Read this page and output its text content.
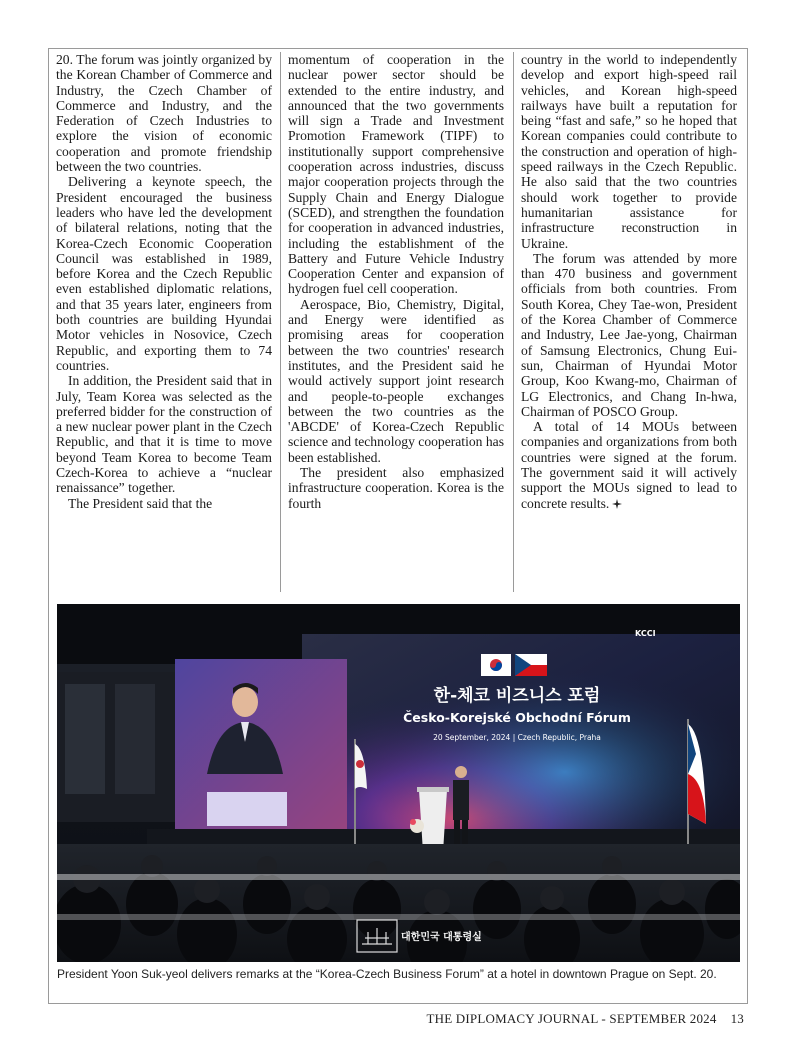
20. The forum was jointly organized by the Korean Chamber of Commerce and Industry, the Czech Chamber of Commerce and Industry, and the Federation of Czech Industries to explore the vision of economic cooperation and promote friendship between the two countries.

Delivering a keynote speech, the President encouraged the business leaders who have led the development of bilateral relations, noting that the Korea-Czech Economic Cooperation Council was established in 1989, before Korea and the Czech Republic even established diplomatic relations, and that 35 years later, engineers from both countries are building Hyundai Motor vehicles in Nosovice, Czech Republic, and exporting them to 74 countries.

In addition, the President said that in July, Team Korea was selected as the preferred bidder for the construction of a new nuclear power plant in the Czech Republic, and that it is time to move beyond Team Korea to become Team Czech-Korea to achieve a “nuclear renaissance” together.

The President said that the

momentum of cooperation in the nuclear power sector should be extended to the entire industry, and announced that the two governments will sign a Trade and Investment Promotion Framework (TIPF) to institutionally support comprehensive cooperation across industries, discuss major cooperation projects through the Supply Chain and Energy Dialogue (SCED), and strengthen the foundation for cooperation in advanced industries, including the establishment of the Battery and Future Vehicle Industry Cooperation Center and expansion of hydrogen fuel cell cooperation.

Aerospace, Bio, Chemistry, Digital, and Energy were identified as promising areas for cooperation between the two countries' research institutes, and the President said he would actively support joint research and people-to-people exchanges between the two countries as the 'ABCDE' of Korea-Czech Republic science and technology cooperation has been established.

The president also emphasized infrastructure cooperation. Korea is the fourth

country in the world to independently develop and export high-speed rail vehicles, and Korean high-speed railways have built a reputation for being “fast and safe,” so he hoped that Korean companies could contribute to the construction and operation of high-speed railways in the Czech Republic. He also said that the two countries should work together to provide humanitarian assistance for infrastructure reconstruction in Ukraine.

The forum was attended by more than 470 business and government officials from both countries. From South Korea, Chey Tae-won, President of the Korea Chamber of Commerce and Industry, Lee Jae-yong, Chairman of Samsung Electronics, Chung Eui-sun, Chairman of Hyundai Motor Group, Koo Kwang-mo, Chairman of LG Electronics, and Chang In-hwa, Chairman of POSCO Group.

A total of 14 MOUs between companies and organizations from both countries were signed at the forum. The government said it will actively support the MOUs signed to lead to concrete results.

한-체코 비즈니스 포럼
Česko-Korejské Obchodní Fórum
20 September, 2024 | Czech Republic, Praha
KCCI
대한민국 대통령실
President Yoon Suk-yeol delivers remarks at the “Korea-Czech Business Forum” at a hotel in downtown Prague on Sept. 20.
THE DIPLOMACY JOURNAL - SEPTEMBER 2024 13
